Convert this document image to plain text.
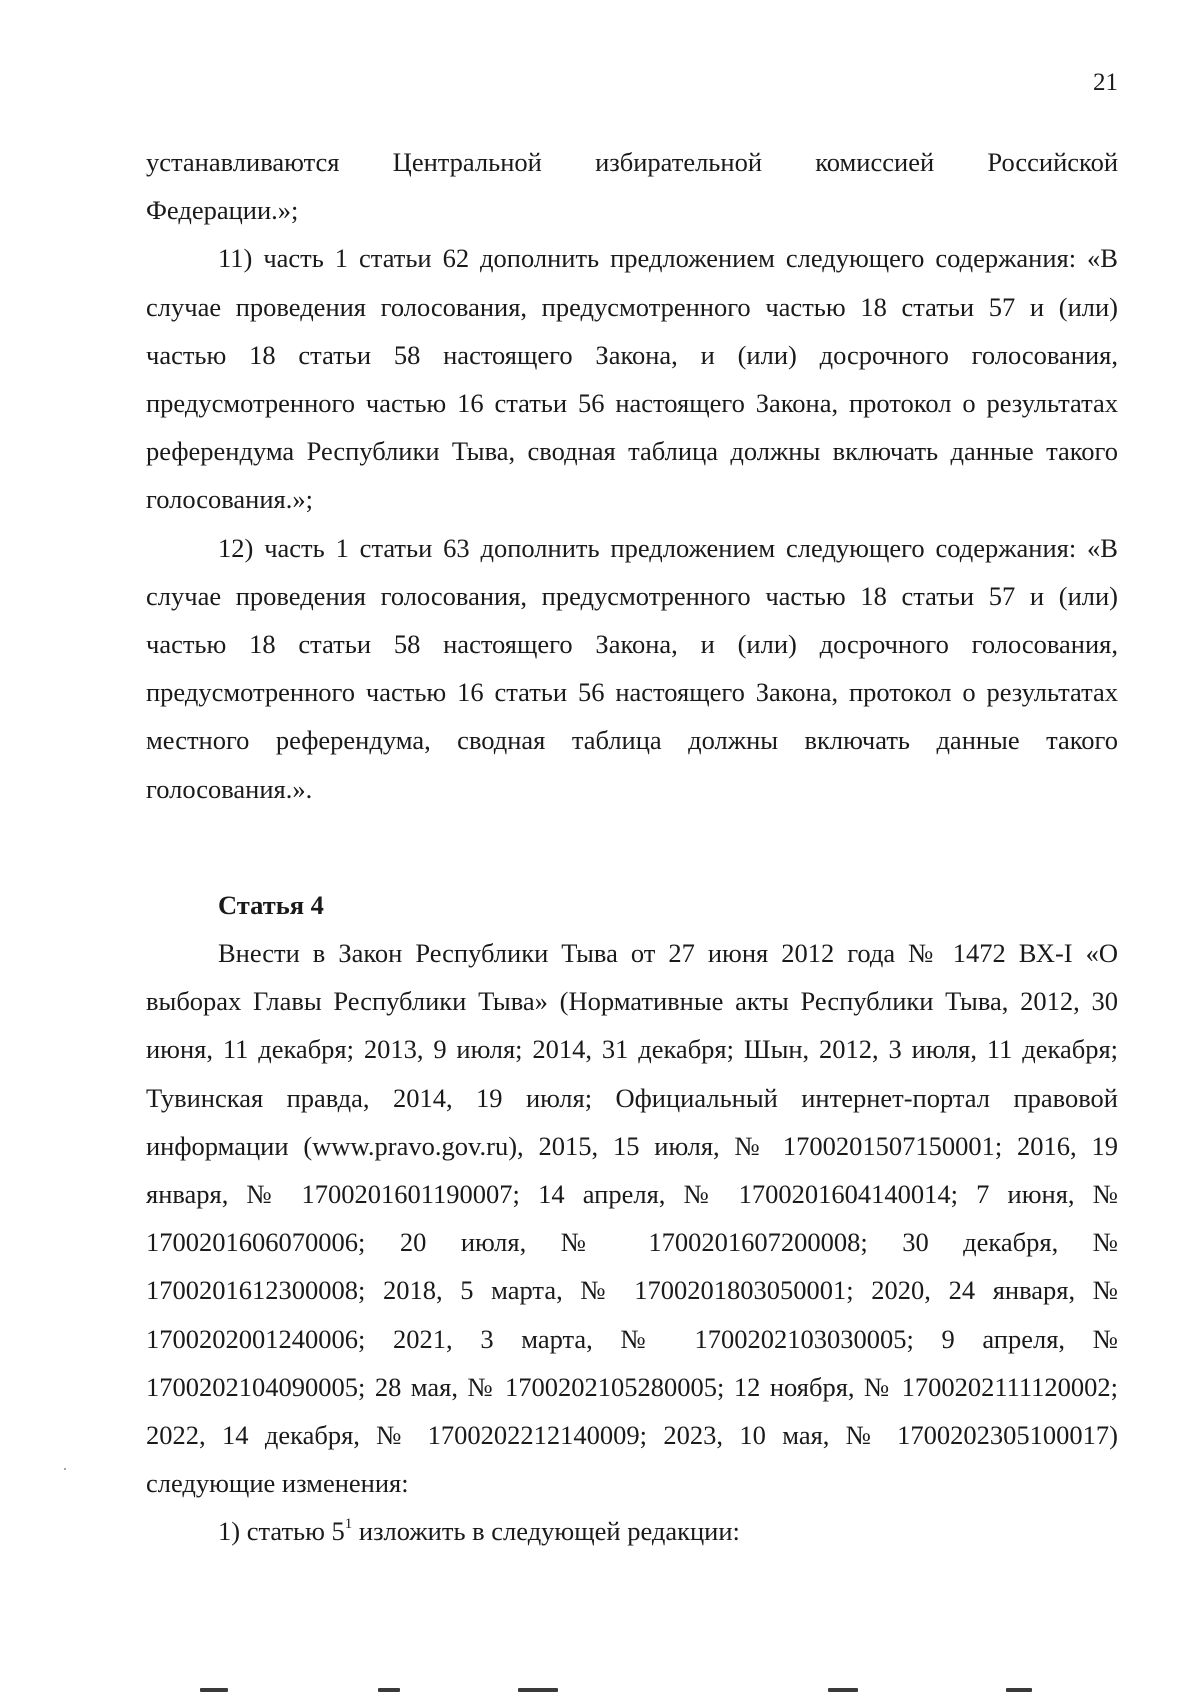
21

устанавливаются Центральной избирательной комиссией Российской

Федерации.»;

11) часть 1 статьи 62 дополнить предложением следующего содержания: «В случае проведения голосования, предусмотренного частью 18 статьи 57 и (или) частью 18 статьи 58 настоящего Закона, и (или) досрочного голосования, предусмотренного частью 16 статьи 56 настоящего Закона, протокол о результатах референдума Республики Тыва, сводная таблица должны включать данные такого голосования.»;

12) часть 1 статьи 63 дополнить предложением следующего содержания: «В случае проведения голосования, предусмотренного частью 18 статьи 57 и (или) частью 18 статьи 58 настоящего Закона, и (или) досрочного голосования, предусмотренного частью 16 статьи 56 настоящего Закона, протокол о результатах местного референдума, сводная таблица должны включать данные такого голосования.».

Статья 4

Внести в Закон Республики Тыва от 27 июня 2012 года № 1472 ВХ-I «О выборах Главы Республики Тыва» (Нормативные акты Республики Тыва, 2012, 30 июня, 11 декабря; 2013, 9 июля; 2014, 31 декабря; Шын, 2012, 3 июля, 11 декабря; Тувинская правда, 2014, 19 июля; Официальный интернет-портал правовой информации (www.pravo.gov.ru), 2015, 15 июля, № 1700201507150001; 2016, 19 января, № 1700201601190007; 14 апреля, № 1700201604140014; 7 июня, № 1700201606070006; 20 июля, № 1700201607200008; 30 декабря, № 1700201612300008; 2018, 5 марта, № 1700201803050001; 2020, 24 января, № 1700202001240006; 2021, 3 марта, № 1700202103030005; 9 апреля, № 1700202104090005; 28 мая, № 1700202105280005; 12 ноября, № 1700202111120002; 2022, 14 декабря, № 1700202212140009; 2023, 10 мая, № 1700202305100017) следующие изменения:

1) статью $5^1$ изложить в следующей редакции:
